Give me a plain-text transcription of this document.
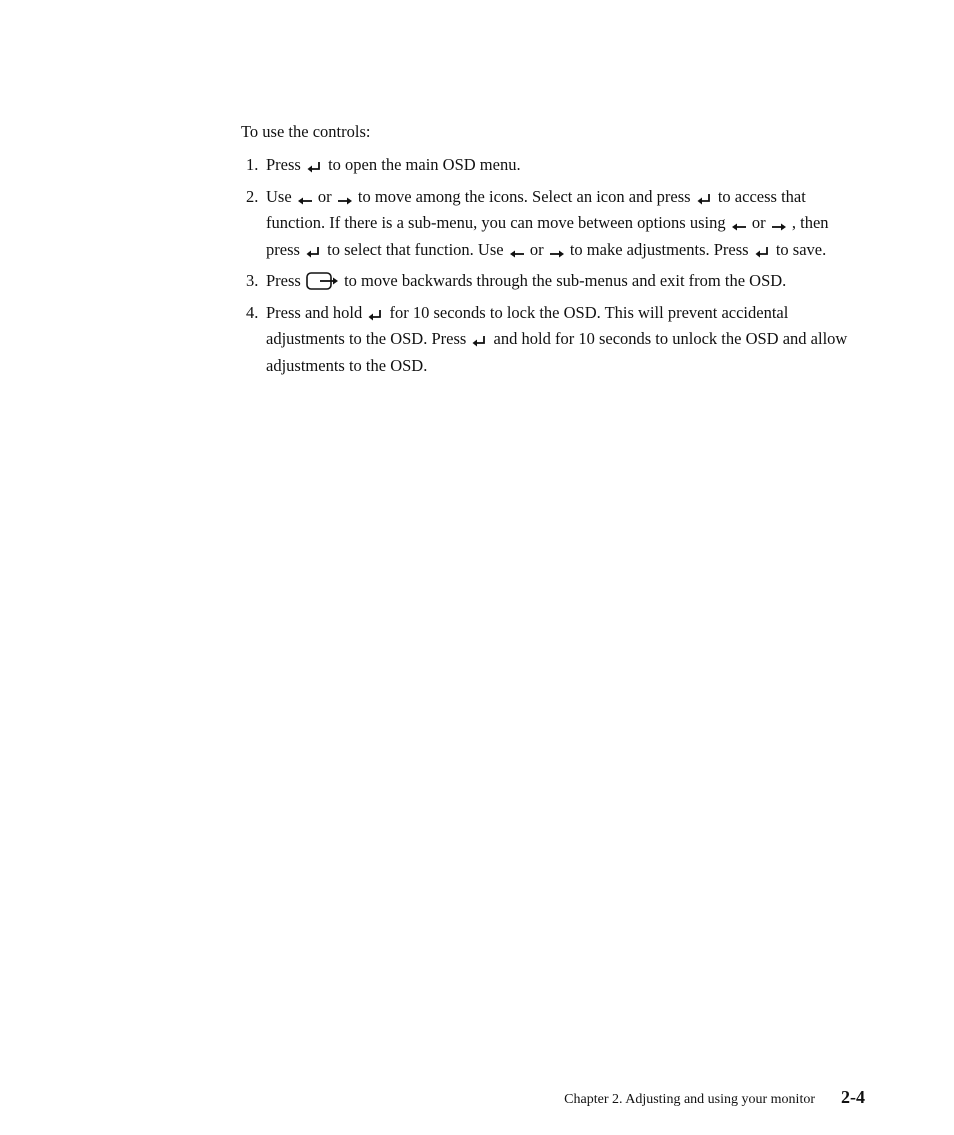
To use the controls:
1. Press  to open the main OSD menu.
2. Use  or  to move among the icons. Select an icon and press  to access that function. If there is a sub-menu, you can move between options using  or  , then press  to select that function. Use  or  to make adjustments. Press  to save.
3. Press  to move backwards through the sub-menus and exit from the OSD.
4. Press and hold  for 10 seconds to lock the OSD. This will prevent accidental adjustments to the OSD. Press  and hold for 10 seconds to unlock the OSD and allow adjustments to the OSD.
Chapter 2. Adjusting and using your monitor 2-4
